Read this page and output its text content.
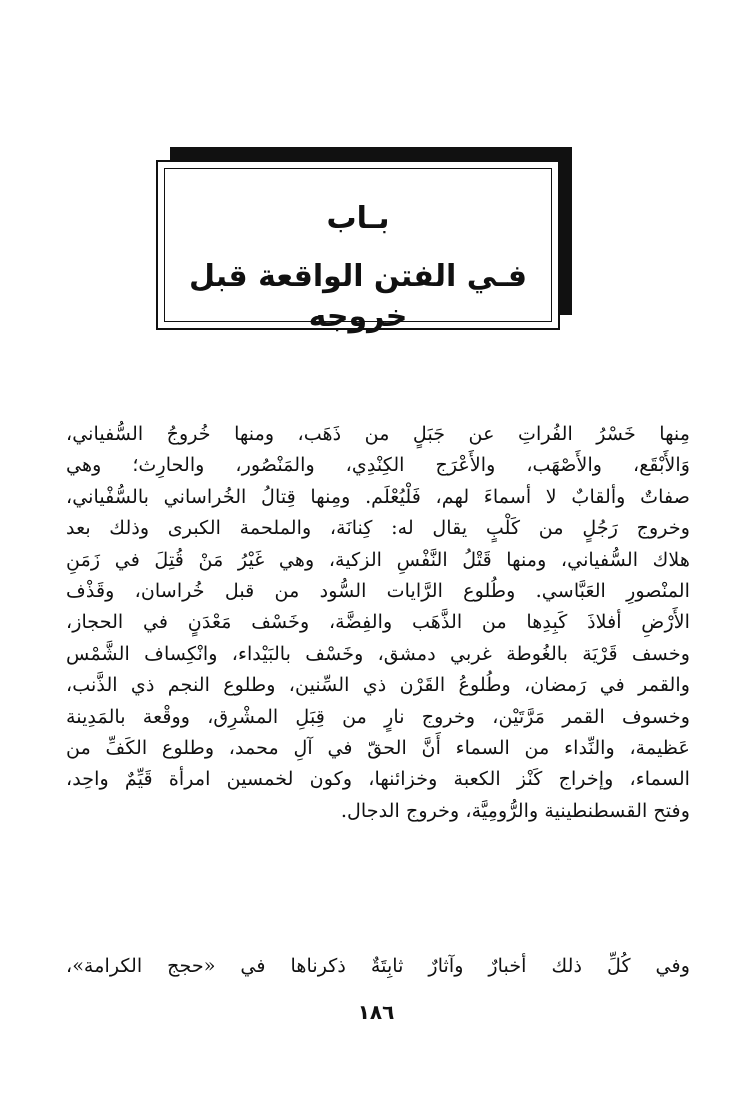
بـاب
فـي الفتن الواقعة قبل خروجه
مِنها خَسْرُ الفُراتِ عن جَبَلٍ من ذَهَب، ومنها خُروجُ السُّفياني،
وَالأَبْقَع، والأَصْهَب، والأَعْرَج الكِنْدِي، والمَنْصُور، والحارِث؛ وهي
صفاتٌ وألقابٌ لا أسماءَ لهم، فَلْيُعْلَم. ومِنها قِتالُ الخُراساني بالسُّفْياني،
وخروج رَجُلٍ من كَلْبٍ يقال له: كِنانَة، والملحمة الكبرى وذلك بعد
هلاك السُّفياني، ومنها قَتْلُ النَّفْسِ الزكية، وهي غَيْرُ مَنْ قُتِلَ في زَمَنِ
المنْصورِ العَبَّاسي. وطُلوع الرَّايات السُّود من قبل خُراسان، وقَذْف
الأَرْضِ أفلاذَ كَبِدِها من الذَّهَب والفِضَّة، وخَسْف مَعْدَنٍ في الحجاز،
وخسف قَرْيَة بالغُوطة غربي دمشق، وخَسْف بالبَيْداء، وانْكِساف الشَّمْس
والقمر في رَمضان، وطُلوعُ القَرْن ذي السِّنين، وطلوع النجم ذي الذَّنب،
وخسوف القمر مَرَّتَيْن، وخروج نارٍ من قِبَلِ المشْرِق، ووقْعة بالمَدِينة
عَظيمة، والنِّداء من السماء أَنَّ الحقّ في آلِ محمد، وطلوع الكَفِّ من
السماء، وإخراج كَنْز الكعبة وخزائنها، وكون لخمسين امرأة قَيِّمٌ واحِد،
وفتح القسطنطينية والرُّومِيَّة، وخروج الدجال.
وفي كُلِّ ذلك أخبارٌ وآثارٌ ثابِتَةٌ ذكرناها في «حجج الكرامة»،
١٨٦
